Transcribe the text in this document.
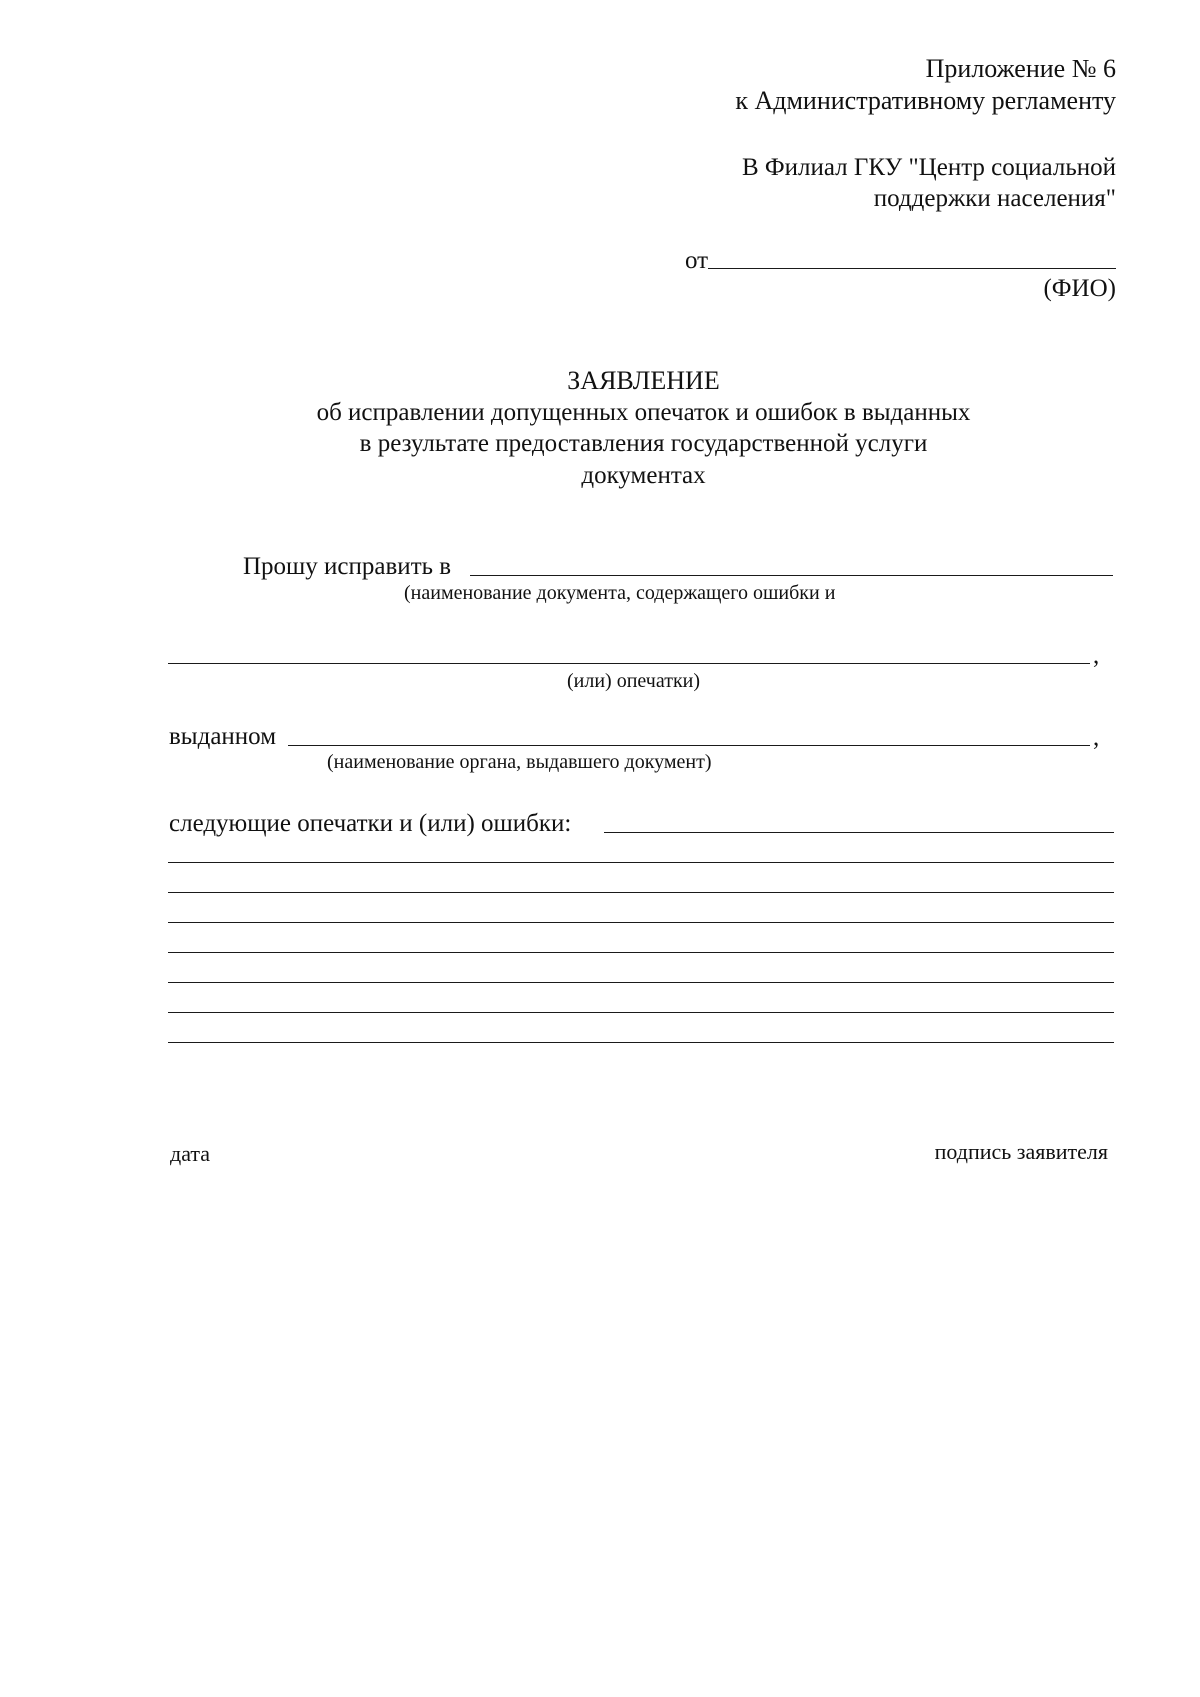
Приложение № 6
к Административному регламенту
В Филиал ГКУ "Центр социальной
поддержки населения"
от
(ФИО)
ЗАЯВЛЕНИЕ
об исправлении допущенных опечаток и ошибок в выданных
в результате предоставления государственной услуги
документах
Прошу исправить в
(наименование документа, содержащего ошибки и
,
(или) опечатки)
выданном	,
(наименование органа, выдавшего документ)
следующие опечатки и (или) ошибки:
дата	подпись заявителя
